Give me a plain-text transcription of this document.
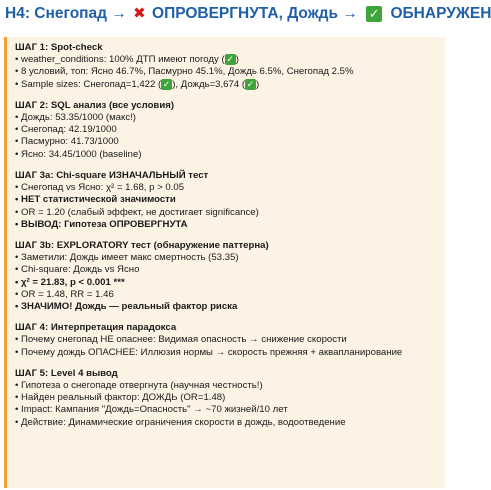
H4: Снегопад → ✖ ОПРОВЕРГНУТА, Дождь → ✓ ОБНАРУЖЕН
ШАГ 1: Spot-check
• weather_conditions: 100% ДТП имеют погоду ( ✓ )
• 8 условий, топ: Ясно 46.7%, Пасмурно 45.1%, Дождь 6.5%, Снегопад 2.5%
• Sample sizes: Снегопад=1,422 ( ✓ ), Дождь=3,674 ( ✓ )
ШАГ 2: SQL анализ (все условия)
• Дождь: 53.35/1000 (макс!)
• Снегопад: 42.19/1000
• Пасмурно: 41.73/1000
• Ясно: 34.45/1000 (baseline)
ШАГ 3a: Chi-square ИЗНАЧАЛЬНЫЙ тест
• Снегопад vs Ясно: χ² = 1.68, p > 0.05
• НЕТ статистической значимости
• OR = 1.20 (слабый эффект, не достигает significance)
• ВЫВОД: Гипотеза ОПРОВЕРГНУТА
ШАГ 3b: EXPLORATORY тест (обнаружение паттерна)
• Заметили: Дождь имеет макс смертность (53.35)
• Chi-square: Дождь vs Ясно
• χ² = 21.83, p < 0.001 ***
• OR = 1.48, RR = 1.46
• ЗНАЧИМО! Дождь — реальный фактор риска
ШАГ 4: Интерпретация парадокса
• Почему снегопад НЕ опаснее: Видимая опасность → снижение скорости
• Почему дождь ОПАСНЕЕ: Иллюзия нормы → скорость прежняя + аквапланирование
ШАГ 5: Level 4 вывод
• Гипотеза о снегопаде отвергнута (научная честность!)
• Найден реальный фактор: ДОЖДЬ (OR=1.48)
• Impact: Кампания "Дождь=Опасность" → ~70 жизней/10 лет
• Действие: Динамические ограничения скорости в дождь, водоотведение
